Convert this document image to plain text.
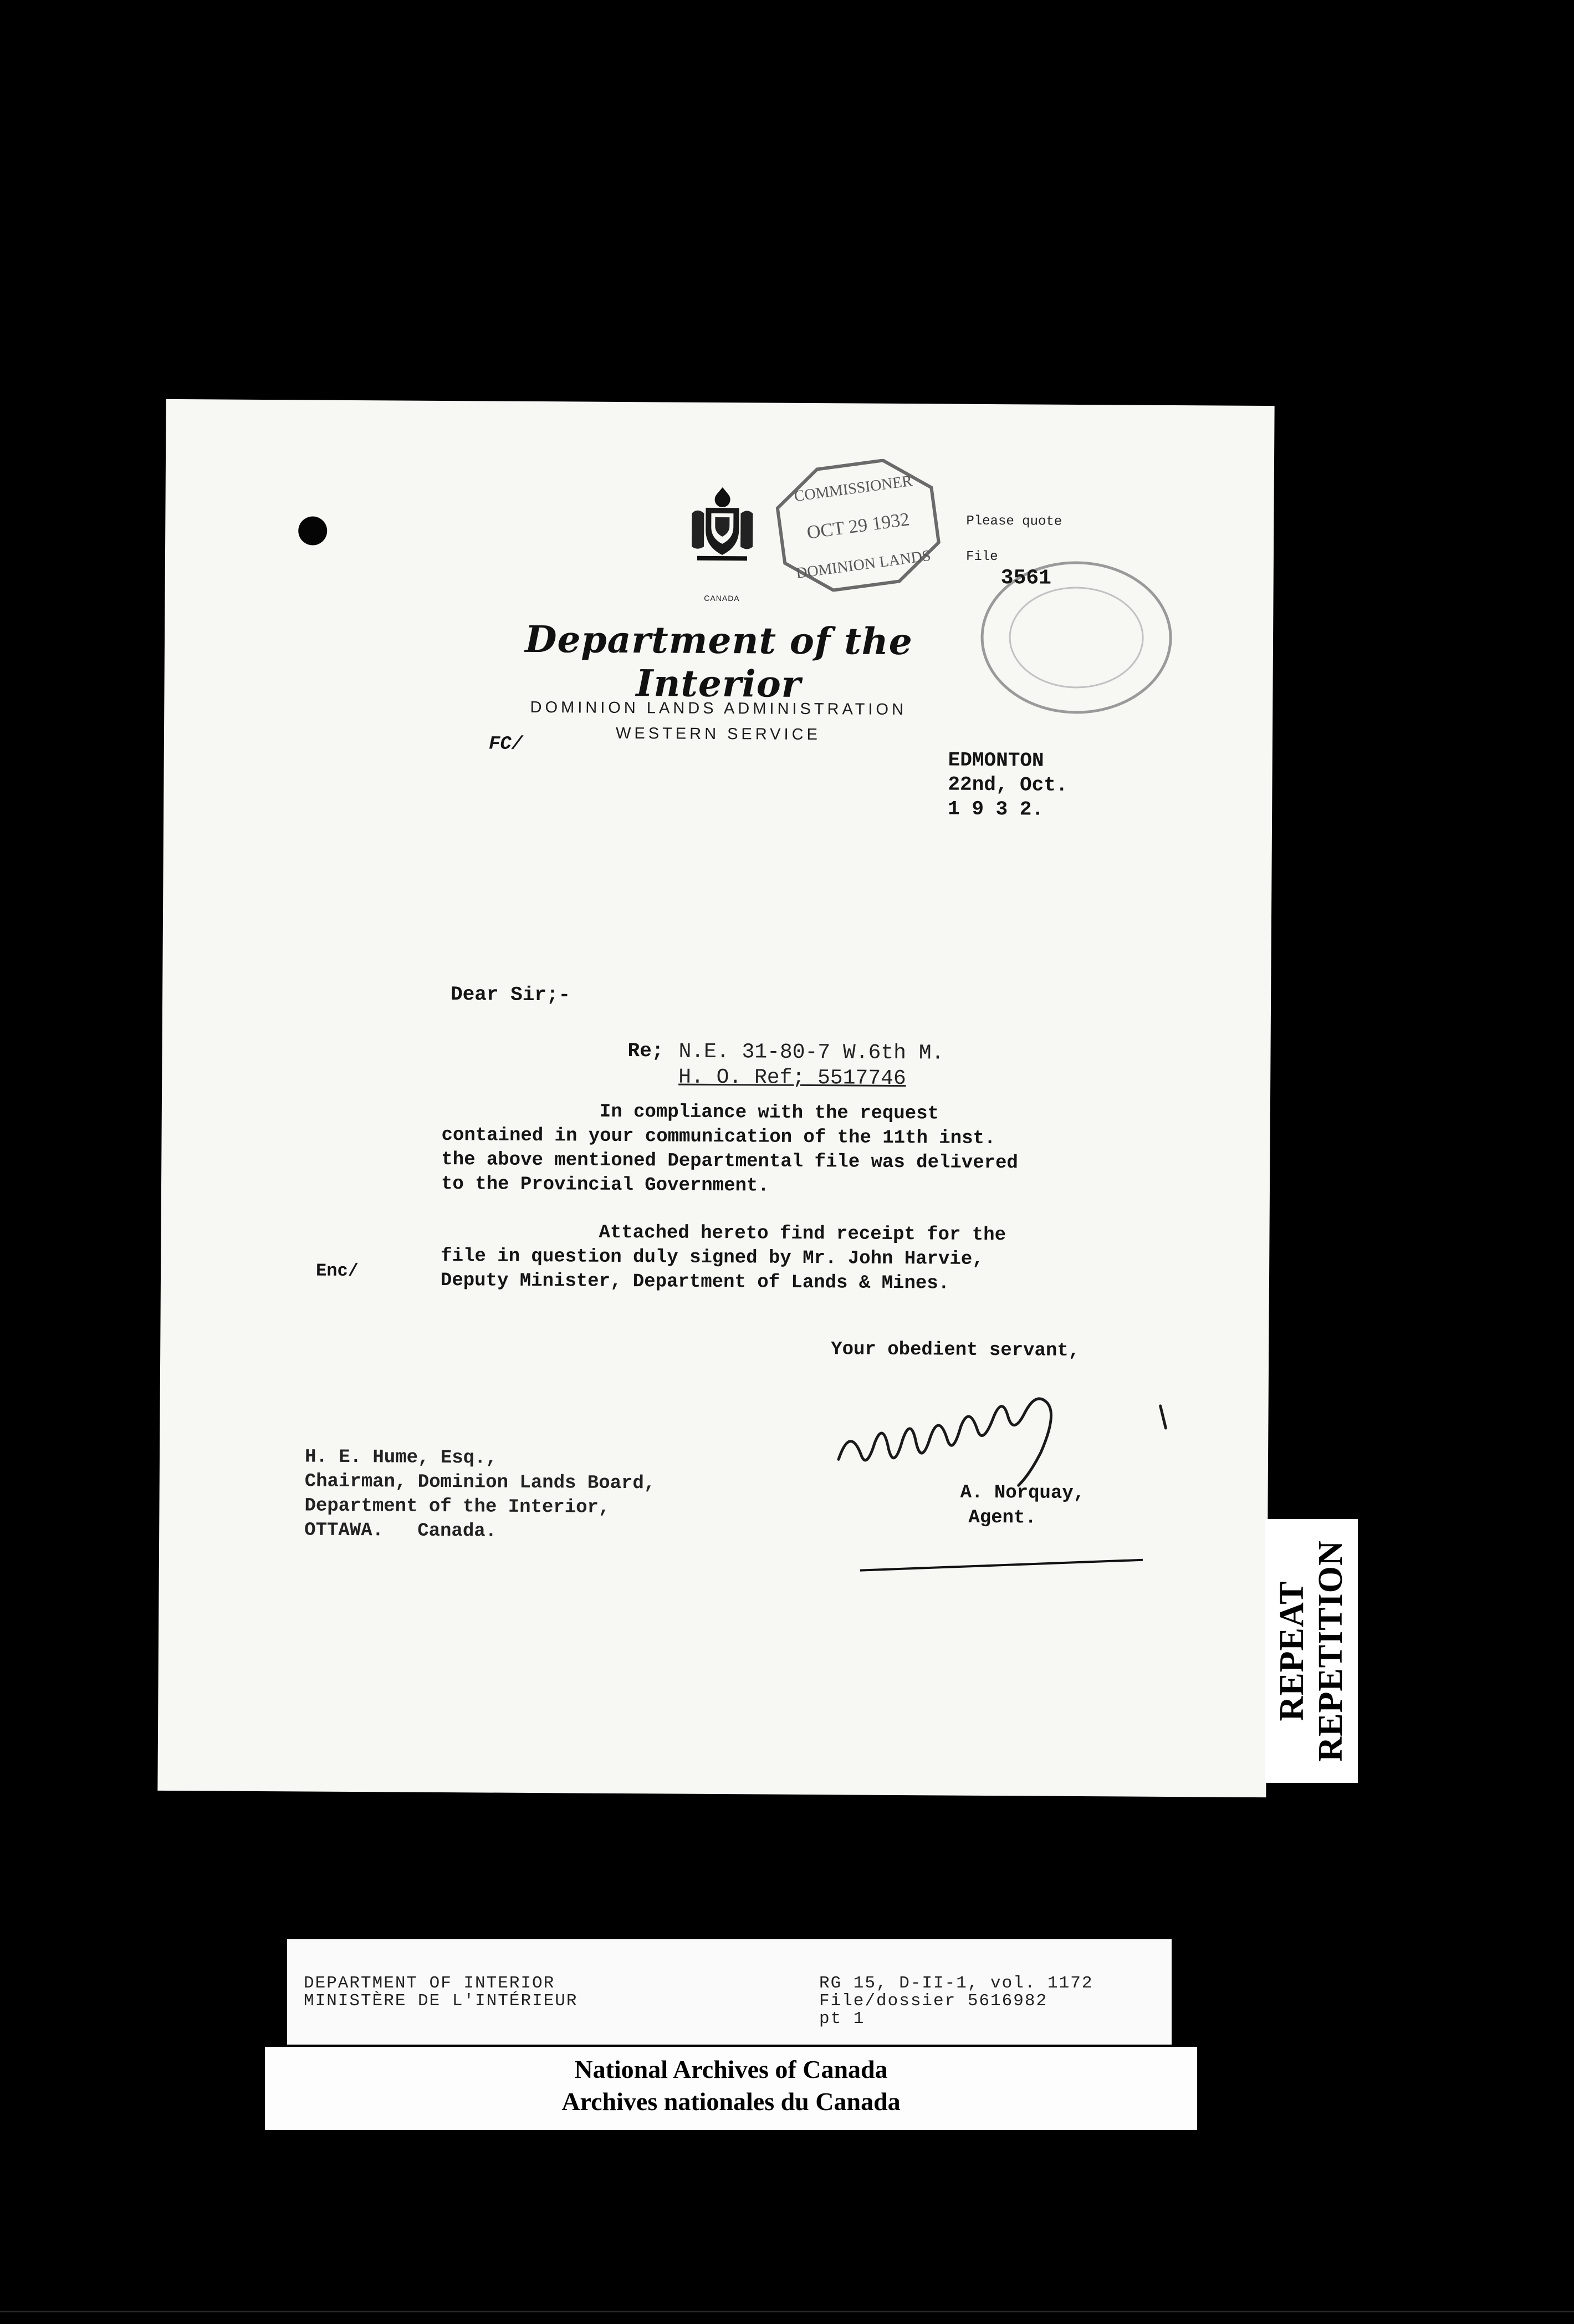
CANADA
COMMISSIONER
OCT 29 1932
DOMINION LANDS
Please quote
File
3561
Department of the Interior
DOMINION LANDS ADMINISTRATION
WESTERN SERVICE
FC/
EDMONTON
22nd, Oct.
1 9 3 2.
Dear Sir;-
Re; N.E. 31-80-7 W.6th M.
H. O. Ref; 5517746
In compliance with the request
contained in your communication of the 11th inst.
the above mentioned Departmental file was delivered
to the Provincial Government.
Attached hereto find receipt for the
file in question duly signed by Mr. John Harvie,
Deputy Minister, Department of Lands & Mines.
Enc/
Your obedient servant,
A. Norquay,
Agent.
H. E. Hume, Esq.,
Chairman, Dominion Lands Board,
Department of the Interior,
OTTAWA.   Canada.
REPEAT REPETITION
DEPARTMENT OF INTERIOR
MINISTÈRE DE L'INTÉRIEUR
RG 15, D-II-1, vol. 1172
File/dossier 5616982
pt 1
National Archives of Canada
Archives nationales du Canada
